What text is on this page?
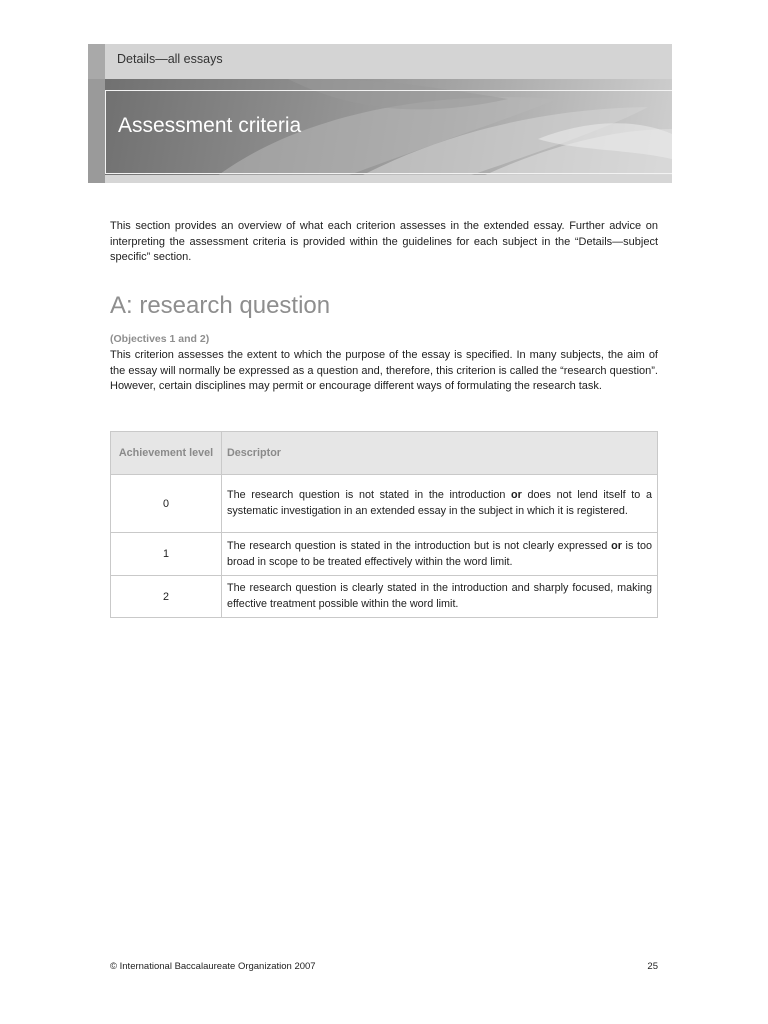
Details—all essays
Assessment criteria

This section provides an overview of what each criterion assesses in the extended essay. Further advice on interpreting the assessment criteria is provided within the guidelines for each subject in the “Details—subject specific” section.

A: research question
(Objectives 1 and 2)

This criterion assesses the extent to which the purpose of the essay is specified. In many subjects, the aim of the essay will normally be expressed as a question and, therefore, this criterion is called the “research question”. However, certain disciplines may permit or encourage different ways of formulating the research task.

Achievement level	Descriptor
0	The research question is not stated in the introduction or does not lend itself to a systematic investigation in an extended essay in the subject in which it is registered.
1	The research question is stated in the introduction but is not clearly expressed or is too broad in scope to be treated effectively within the word limit.
2	The research question is clearly stated in the introduction and sharply focused, making effective treatment possible within the word limit.
© International Baccalaureate Organization 2007	25
